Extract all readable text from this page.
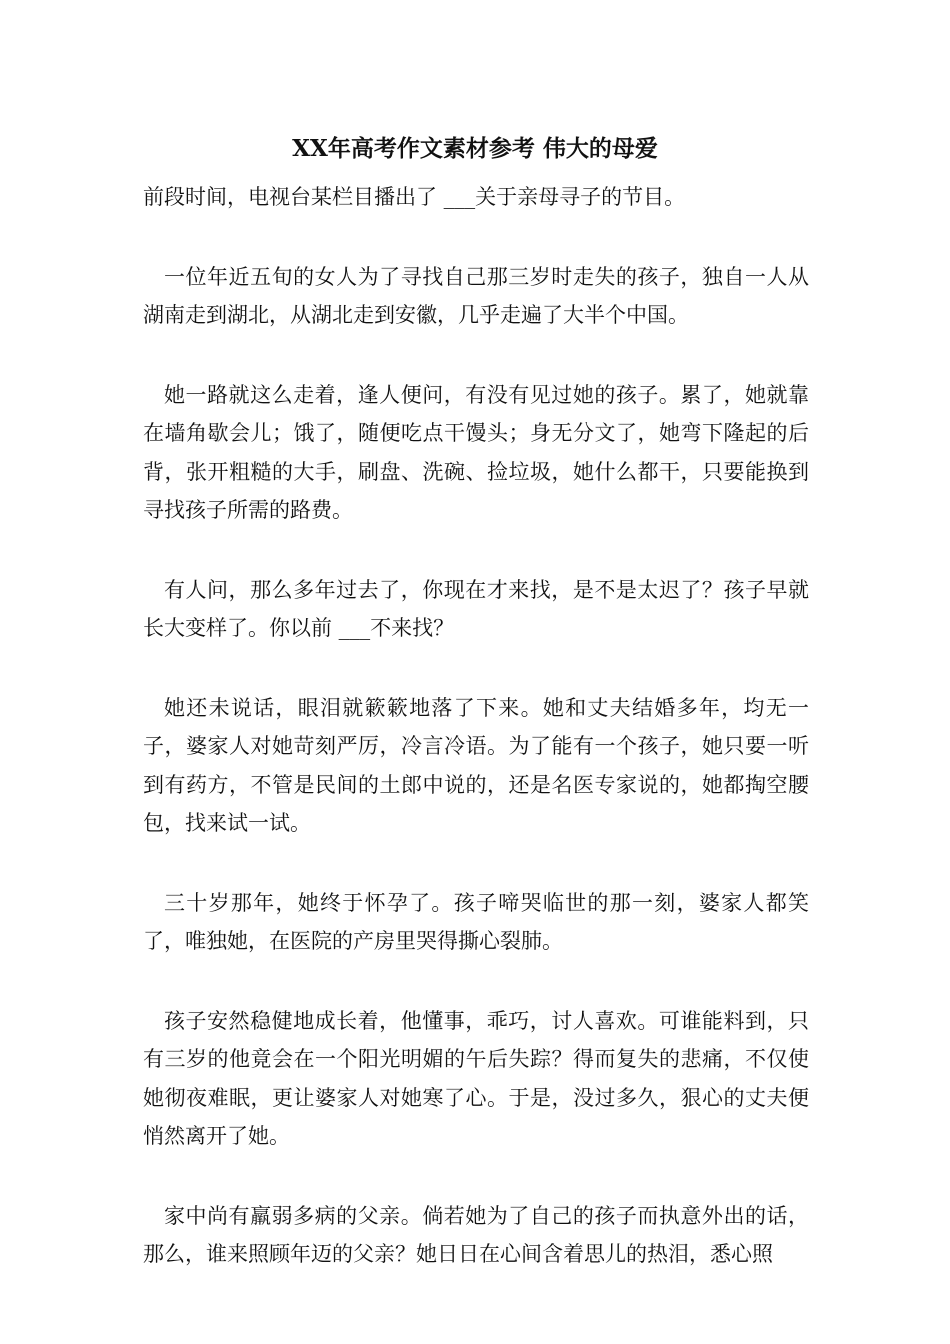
XX年高考作文素材参考 伟大的母爱

前段时间，电视台某栏目播出了 ___关于亲母寻子的节目。

一位年近五旬的女人为了寻找自己那三岁时走失的孩子，独自一人从湖南走到湖北，从湖北走到安徽，几乎走遍了大半个中国。

她一路就这么走着，逢人便问，有没有见过她的孩子。累了，她就靠在墙角歇会儿；饿了，随便吃点干馒头；身无分文了，她弯下隆起的后背，张开粗糙的大手，刷盘、洗碗、捡垃圾，她什么都干，只要能换到寻找孩子所需的路费。

有人问，那么多年过去了，你现在才来找，是不是太迟了？孩子早就长大变样了。你以前 ___不来找？

她还未说话，眼泪就簌簌地落了下来。她和丈夫结婚多年，均无一子，婆家人对她苛刻严厉，冷言冷语。为了能有一个孩子，她只要一听到有药方，不管是民间的土郎中说的，还是名医专家说的，她都掏空腰包，找来试一试。

三十岁那年，她终于怀孕了。孩子啼哭临世的那一刻，婆家人都笑了，唯独她，在医院的产房里哭得撕心裂肺。

孩子安然稳健地成长着，他懂事，乖巧，讨人喜欢。可谁能料到，只有三岁的他竟会在一个阳光明媚的午后失踪？得而复失的悲痛，不仅使她彻夜难眠，更让婆家人对她寒了心。于是，没过多久，狠心的丈夫便悄然离开了她。

家中尚有羸弱多病的父亲。倘若她为了自己的孩子而执意外出的话，那么，谁来照顾年迈的父亲？她日日在心间含着思儿的热泪，悉心照
